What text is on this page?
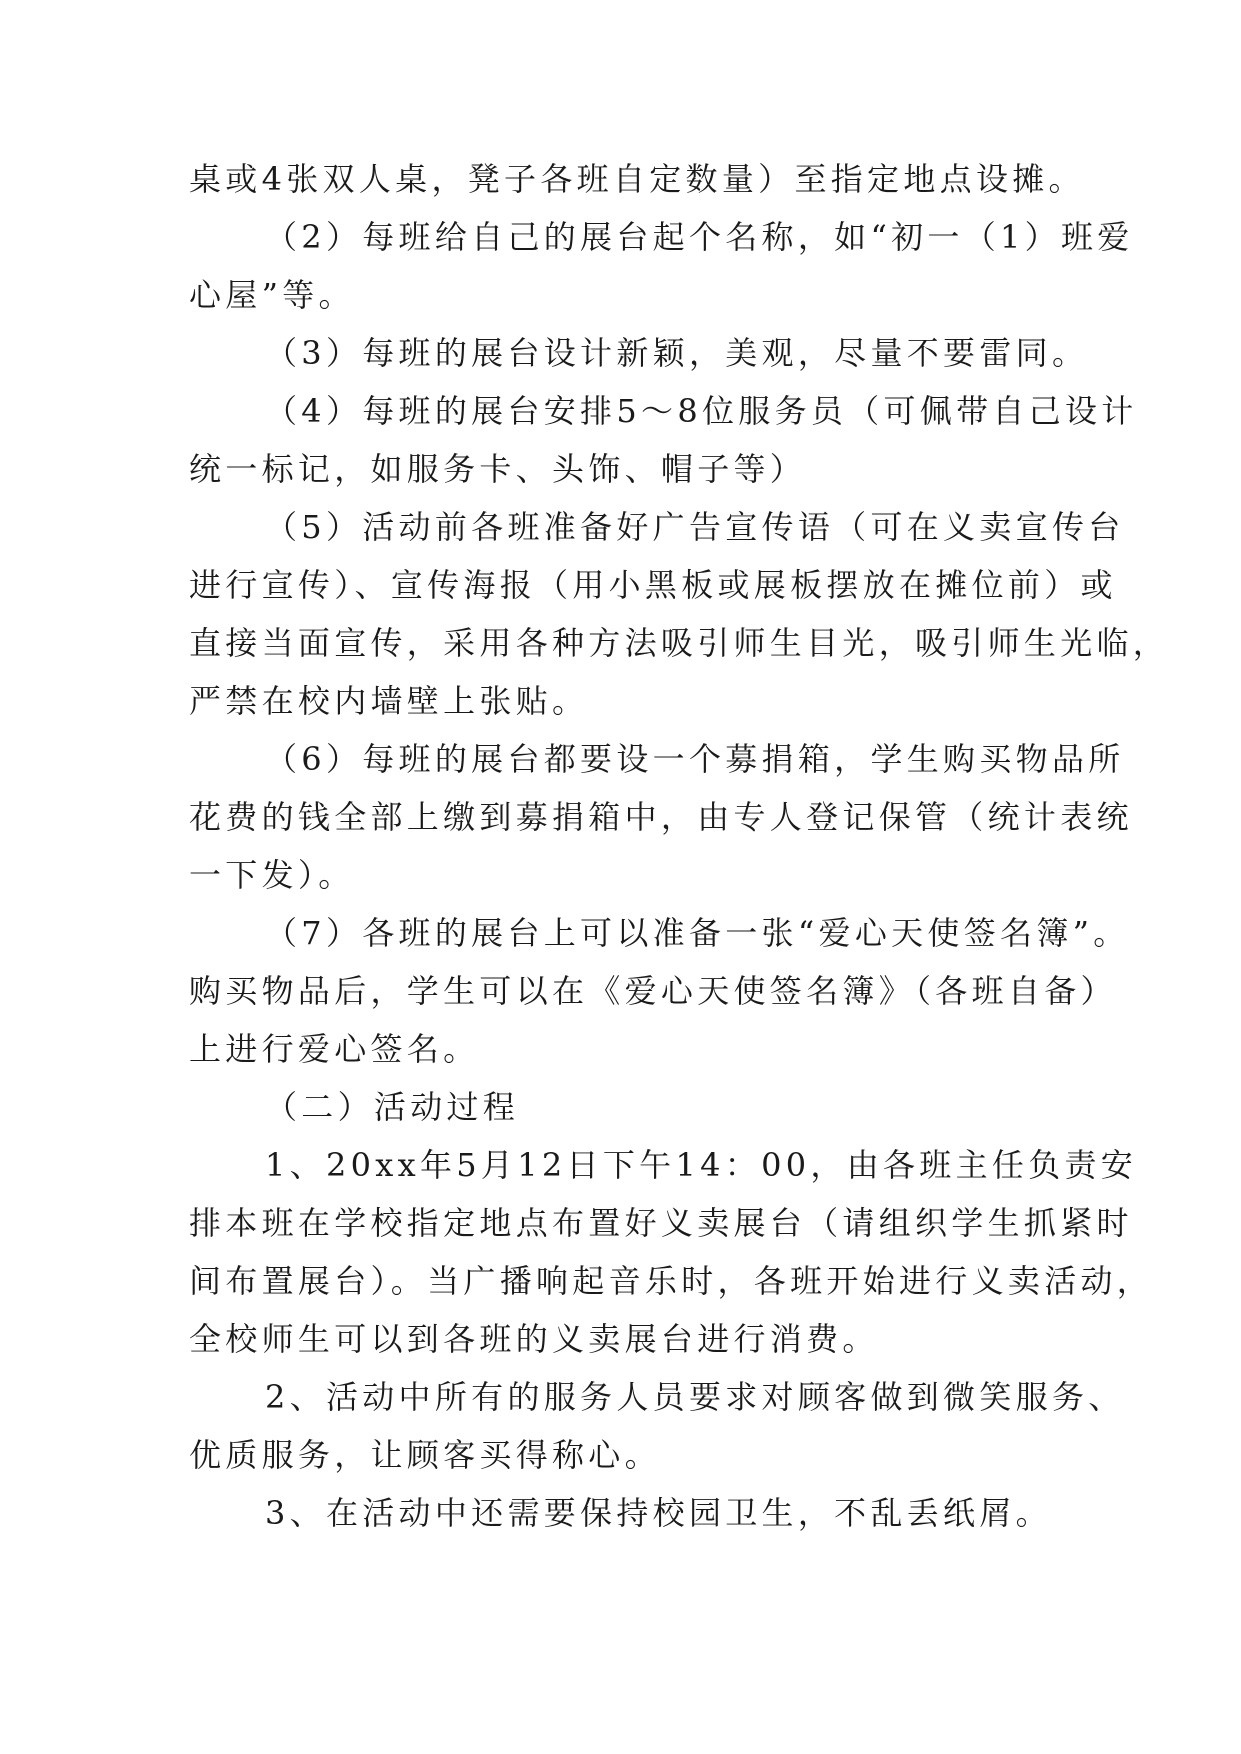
桌或4张双人桌，凳子各班自定数量）至指定地点设摊。
（2）每班给自己的展台起个名称，如“初一（1）班爱
心屋”等。
（3）每班的展台设计新颖，美观，尽量不要雷同。
（4）每班的展台安排5～8位服务员（可佩带自己设计
统一标记，如服务卡、头饰、帽子等）
（5）活动前各班准备好广告宣传语（可在义卖宣传台
进行宣传）、宣传海报（用小黑板或展板摆放在摊位前）或
直接当面宣传，采用各种方法吸引师生目光，吸引师生光临，
严禁在校内墙壁上张贴。
（6）每班的展台都要设一个募捐箱，学生购买物品所
花费的钱全部上缴到募捐箱中，由专人登记保管（统计表统
一下发）。
（7）各班的展台上可以准备一张“爱心天使签名簿”。
购买物品后，学生可以在《爱心天使签名簿》（各班自备）
上进行爱心签名。
（二）活动过程
1、20xx年5月12日下午14：00，由各班主任负责安
排本班在学校指定地点布置好义卖展台（请组织学生抓紧时
间布置展台）。当广播响起音乐时，各班开始进行义卖活动，
全校师生可以到各班的义卖展台进行消费。
2、活动中所有的服务人员要求对顾客做到微笑服务、
优质服务，让顾客买得称心。
3、在活动中还需要保持校园卫生，不乱丢纸屑。
